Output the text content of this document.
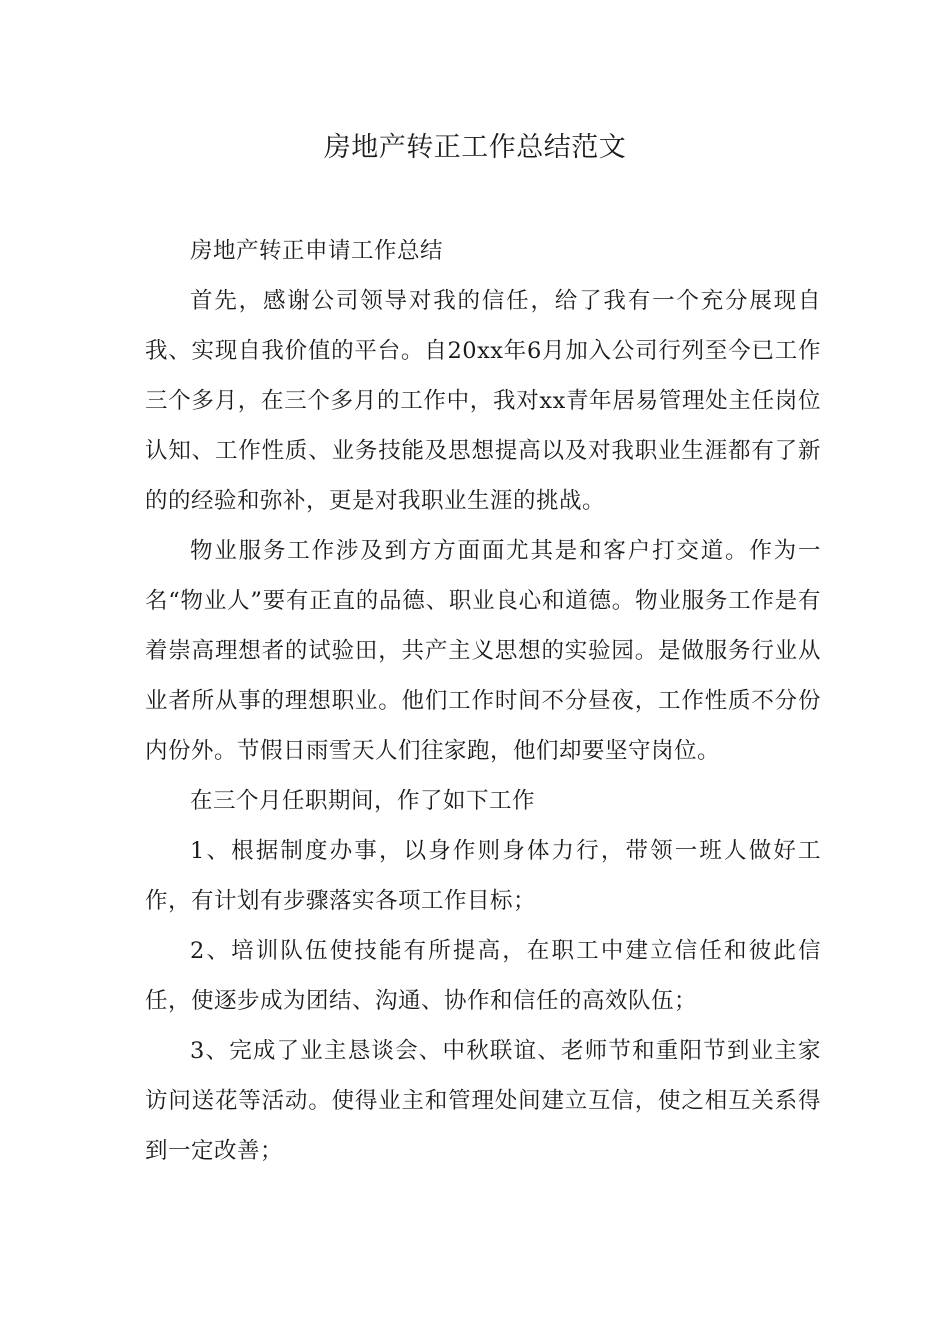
房地产转正工作总结范文

房地产转正申请工作总结

首先，感谢公司领导对我的信任，给了我有一个充分展现自我、实现自我价值的平台。自20xx年6月加入公司行列至今已工作三个多月，在三个多月的工作中，我对xx青年居易管理处主任岗位认知、工作性质、业务技能及思想提高以及对我职业生涯都有了新的的经验和弥补，更是对我职业生涯的挑战。

物业服务工作涉及到方方面面尤其是和客户打交道。作为一名“物业人”要有正直的品德、职业良心和道德。物业服务工作是有着崇高理想者的试验田，共产主义思想的实验园。是做服务行业从业者所从事的理想职业。他们工作时间不分昼夜，工作性质不分份内份外。节假日雨雪天人们往家跑，他们却要坚守岗位。

在三个月任职期间，作了如下工作

1、根据制度办事，以身作则身体力行，带领一班人做好工作，有计划有步骤落实各项工作目标；

2、培训队伍使技能有所提高，在职工中建立信任和彼此信任，使逐步成为团结、沟通、协作和信任的高效队伍；

3、完成了业主恳谈会、中秋联谊、老师节和重阳节到业主家访问送花等活动。使得业主和管理处间建立互信，使之相互关系得到一定改善；
